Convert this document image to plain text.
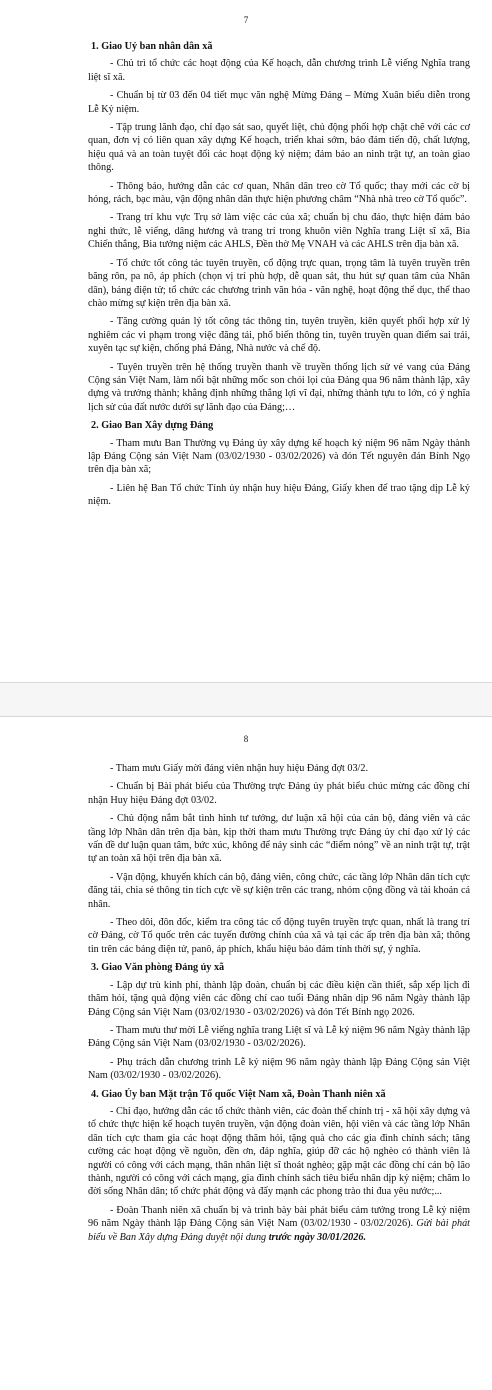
7

1. Giao Uỷ ban nhân dân xã

- Chủ trì tổ chức các hoạt động của Kế hoạch, dẫn chương trình Lễ viếng Nghĩa trang liệt sĩ xã.

- Chuẩn bị từ 03 đến 04 tiết mục văn nghệ Mừng Đảng – Mừng Xuân biểu diễn trong Lễ Kỷ niệm.

- Tập trung lãnh đạo, chỉ đạo sát sao, quyết liệt, chủ động phối hợp chặt chẽ với các cơ quan, đơn vị có liên quan xây dựng Kế hoạch, triển khai sớm, bảo đảm tiến độ, chất lượng, hiệu quả và an toàn tuyệt đối các hoạt động kỷ niệm; đảm bảo an ninh trật tự, an toàn giao thông.

- Thông báo, hướng dẫn các cơ quan, Nhân dân treo cờ Tổ quốc; thay mới các cờ bị hỏng, rách, bạc màu, vận động nhân dân thực hiện phương châm “Nhà nhà treo cờ Tổ quốc”.

- Trang trí khu vực Trụ sở làm việc các của xã; chuẩn bị chu đáo, thực hiện đảm bảo nghi thức, lễ viếng, dâng hương và trang trí trong khuôn viên Nghĩa trang Liệt sĩ xã, Bia Chiến thắng, Bia tưởng niệm các AHLS, Đền thờ Mẹ VNAH và các AHLS trên địa bàn xã.

- Tổ chức tốt công tác tuyên truyền, cổ động trực quan, trọng tâm là tuyên truyền trên băng rôn, pa nô, áp phích (chọn vị trí phù hợp, dễ quan sát, thu hút sự quan tâm của Nhân dân), bảng điện tử; tổ chức các chương trình văn hóa - văn nghệ, hoạt động thể dục, thể thao chào mừng sự kiện trên địa bàn xã.

- Tăng cường quản lý tốt công tác thông tin, tuyên truyền, kiên quyết phối hợp xử lý nghiêm các vi phạm trong việc đăng tải, phổ biến thông tin, tuyên truyền quan điểm sai trái, xuyên tạc sự kiện, chống phá Đảng, Nhà nước và chế độ.

- Tuyên truyền trên hệ thống truyền thanh về truyền thống lịch sử vẻ vang của Đảng Cộng sản Việt Nam, làm nổi bật những mốc son chói lọi của Đảng qua 96 năm thành lập, xây dựng và trưởng thành; khẳng định những thắng lợi vĩ đại, những thành tựu to lớn, có ý nghĩa lịch sử của đất nước dưới sự lãnh đạo của Đảng;…

2. Giao Ban Xây dựng Đảng

- Tham mưu Ban Thường vụ Đảng ủy xây dựng kế hoạch kỷ niệm 96 năm Ngày thành lập Đảng Cộng sản Việt Nam (03/02/1930 - 03/02/2026) và đón Tết nguyên đán Bính Ngọ trên địa bàn xã;

- Liên hệ Ban Tổ chức Tỉnh ủy nhận huy hiệu Đảng, Giấy khen để trao tặng dịp Lễ kỷ niệm.

8

- Tham mưu Giấy mời đảng viên nhận huy hiệu Đảng đợt 03/2.

- Chuẩn bị Bài phát biểu của Thường trực Đảng ủy phát biểu chúc mừng các đồng chí nhận Huy hiệu Đảng đợt 03/02.

- Chủ động nắm bắt tình hình tư tưởng, dư luận xã hội của cán bộ, đảng viên và các tầng lớp Nhân dân trên địa bàn, kịp thời tham mưu Thường trực Đảng ủy chỉ đạo xử lý các vấn đề dư luận quan tâm, bức xúc, không để nảy sinh các “điểm nóng” về an ninh trật tự, trật tự an toàn xã hội trên địa bàn xã.

- Vận động, khuyến khích cán bộ, đảng viên, công chức, các tầng lớp Nhân dân tích cực đăng tải, chia sẻ thông tin tích cực về sự kiện trên các trang, nhóm cộng đồng và tài khoản cá nhân.

- Theo dõi, đôn đốc, kiểm tra công tác cổ động tuyên truyền trực quan, nhất là trang trí cờ Đảng, cờ Tổ quốc trên các tuyến đường chính của xã và tại các ấp trên địa bàn xã; thông tin trên các bảng điện tử, panô, áp phích, khẩu hiệu bảo đảm tính thời sự, ý nghĩa.

3. Giao Văn phòng Đảng ủy xã

- Lập dự trù kinh phí, thành lập đoàn, chuẩn bị các điều kiện cần thiết, sắp xếp lịch đi thăm hỏi, tặng quà động viên các đồng chí cao tuổi Đảng nhân dịp 96 năm Ngày thành lập Đảng Cộng sản Việt Nam (03/02/1930 - 03/02/2026) và đón Tết Bính ngọ 2026.

- Tham mưu thư mời Lễ viếng nghĩa trang Liệt sĩ và Lễ kỷ niệm 96 năm Ngày thành lập Đảng Cộng sản Việt Nam (03/02/1930 - 03/02/2026).

- Phụ trách dẫn chương trình Lễ kỷ niệm 96 năm ngày thành lập Đảng Cộng sản Việt Nam (03/02/1930 - 03/02/2026).

4. Giao Ủy ban Mặt trận Tổ quốc Việt Nam xã, Đoàn Thanh niên xã

- Chỉ đạo, hướng dẫn các tổ chức thành viên, các đoàn thể chính trị - xã hội xây dựng và tổ chức thực hiện kế hoạch tuyên truyền, vận động đoàn viên, hội viên và các tầng lớp Nhân dân tích cực tham gia các hoạt động thăm hỏi, tặng quà cho các gia đình chính sách; tăng cường các hoạt động về nguồn, đền ơn, đáp nghĩa, giúp đỡ các hộ nghèo có thành viên là người có công với cách mạng, thân nhân liệt sĩ thoát nghèo; gặp mặt các đồng chí cán bộ lão thành, người có công với cách mạng, gia đình chính sách tiêu biểu nhân dịp kỷ niệm; chăm lo đời sống Nhân dân; tổ chức phát động và đẩy mạnh các phong trào thi đua yêu nước;...

- Đoàn Thanh niên xã chuẩn bị và trình bày bài phát biểu cảm tưởng trong Lễ kỷ niệm 96 năm Ngày thành lập Đảng Cộng sản Việt Nam (03/02/1930 - 03/02/2026). Gửi bài phát biểu về Ban Xây dựng Đảng duyệt nội dung trước ngày 30/01/2026.
